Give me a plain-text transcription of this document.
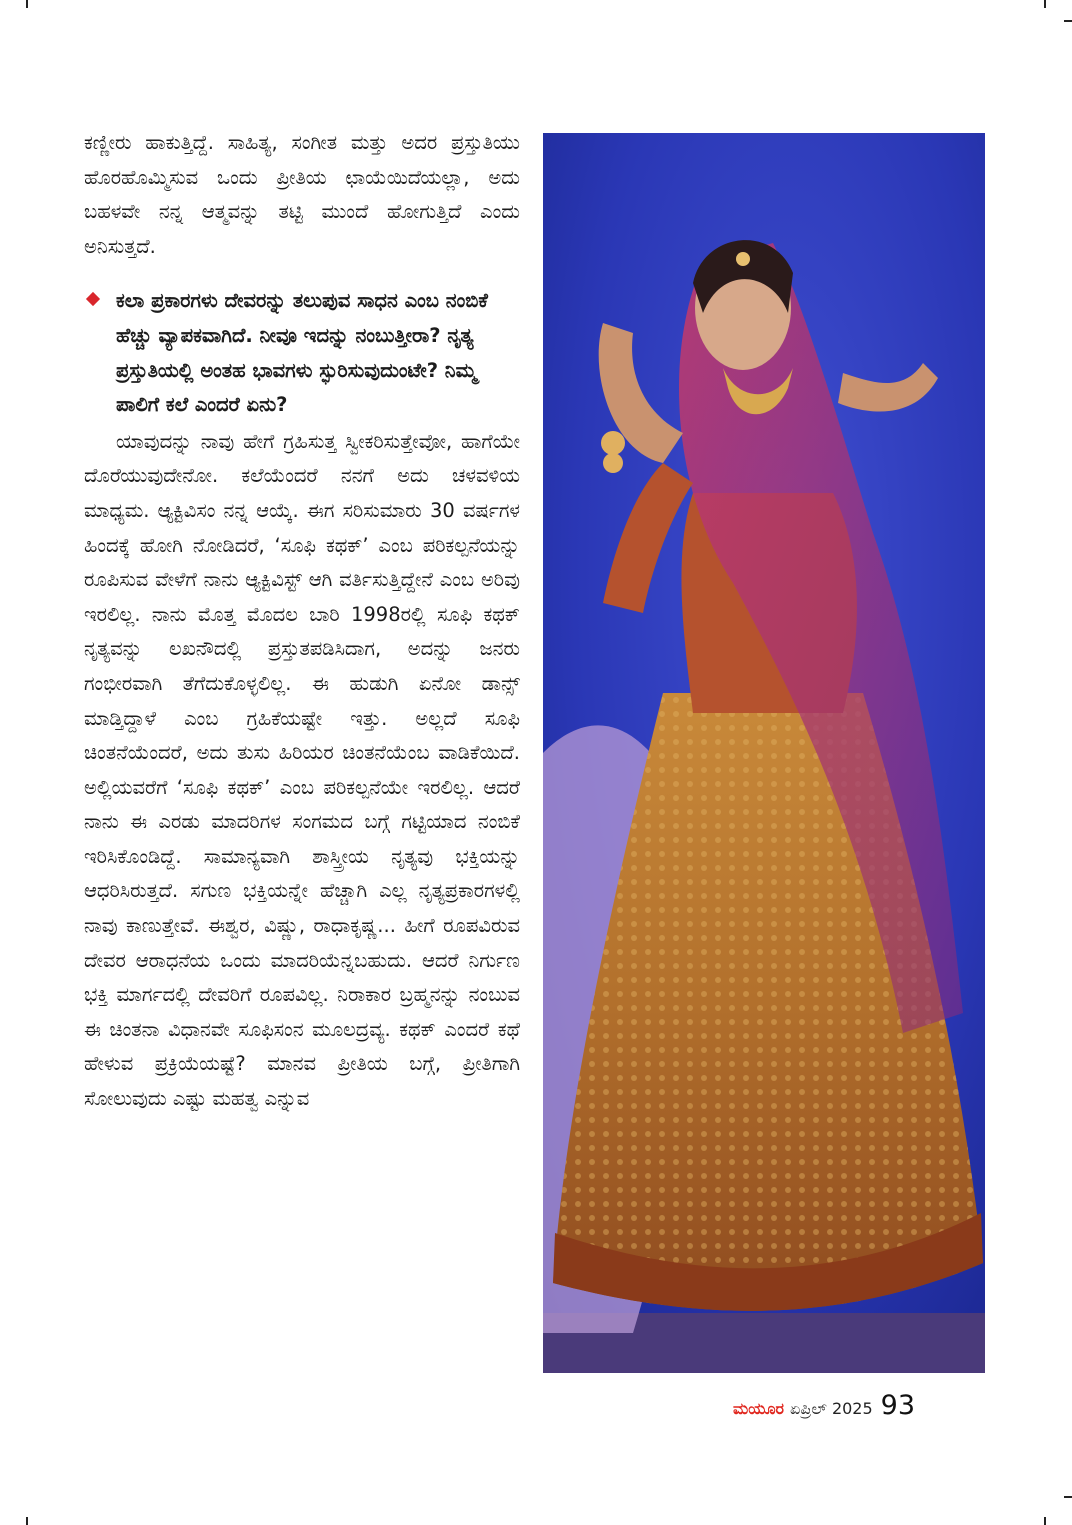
ಕಣ್ಣೀರು ಹಾಕುತ್ತಿದ್ದೆ. ಸಾಹಿತ್ಯ, ಸಂಗೀತ ಮತ್ತು ಅದರ ಪ್ರಸ್ತುತಿಯು ಹೊರಹೊಮ್ಮಿಸುವ ಒಂದು ಪ್ರೀತಿಯ ಛಾಯೆಯಿದೆಯಲ್ಲಾ, ಅದು ಬಹಳವೇ ನನ್ನ ಆತ್ಮವನ್ನು ತಟ್ಟಿ ಮುಂದೆ ಹೋಗುತ್ತಿದೆ ಎಂದು ಅನಿಸುತ್ತದೆ.

ಕಲಾ ಪ್ರಕಾರಗಳು ದೇವರನ್ನು ತಲುಪುವ ಸಾಧನ ಎಂಬ ನಂಬಿಕೆ ಹೆಚ್ಚು ವ್ಯಾಪಕವಾಗಿದೆ. ನೀವೂ ಇದನ್ನು ನಂಬುತ್ತೀರಾ? ನೃತ್ಯ ಪ್ರಸ್ತುತಿಯಲ್ಲಿ ಅಂತಹ ಭಾವಗಳು ಸ್ಫುರಿಸುವುದುಂಟೇ? ನಿಮ್ಮ ಪಾಲಿಗೆ ಕಲೆ ಎಂದರೆ ಏನು?

ಯಾವುದನ್ನು ನಾವು ಹೇಗೆ ಗ್ರಹಿಸುತ್ತ ಸ್ವೀಕರಿಸುತ್ತೇವೋ, ಹಾಗೆಯೇ ದೊರೆಯುವುದೇನೋ. ಕಲೆಯೆಂದರೆ ನನಗೆ ಅದು ಚಳವಳಿಯ ಮಾಧ್ಯಮ. ಆ್ಯಕ್ಟಿವಿಸಂ ನನ್ನ ಆಯ್ಕೆ. ಈಗ ಸರಿಸುಮಾರು 30 ವರ್ಷಗಳ ಹಿಂದಕ್ಕೆ ಹೋಗಿ ನೋಡಿದರೆ, ‘ಸೂಫಿ ಕಥಕ್’ ಎಂಬ ಪರಿಕಲ್ಪನೆಯನ್ನು ರೂಪಿಸುವ ವೇಳೆಗೆ ನಾನು ಆ್ಯಕ್ಟಿವಿಸ್ಟ್ ಆಗಿ ವರ್ತಿಸುತ್ತಿದ್ದೇನೆ ಎಂಬ ಅರಿವು ಇರಲಿಲ್ಲ. ನಾನು ಮೊತ್ತ ಮೊದಲ ಬಾರಿ 1998ರಲ್ಲಿ ಸೂಫಿ ಕಥಕ್ ನೃತ್ಯವನ್ನು ಲಖನೌದಲ್ಲಿ ಪ್ರಸ್ತುತಪಡಿಸಿದಾಗ, ಅದನ್ನು ಜನರು ಗಂಭೀರವಾಗಿ ತೆಗೆದುಕೊಳ್ಳಲಿಲ್ಲ. ಈ ಹುಡುಗಿ ಏನೋ ಡಾನ್ಸ್ ಮಾಡ್ತಿದ್ದಾಳೆ ಎಂಬ ಗ್ರಹಿಕೆಯಷ್ಟೇ ಇತ್ತು. ಅಲ್ಲದೆ ಸೂಫಿ ಚಿಂತನೆಯೆಂದರೆ, ಅದು ತುಸು ಹಿರಿಯರ ಚಿಂತನೆಯೆಂಬ ವಾಡಿಕೆಯಿದೆ. ಅಲ್ಲಿಯವರೆಗೆ ‘ಸೂಫಿ ಕಥಕ್’ ಎಂಬ ಪರಿಕಲ್ಪನೆಯೇ ಇರಲಿಲ್ಲ. ಆದರೆ ನಾನು ಈ ಎರಡು ಮಾದರಿಗಳ ಸಂಗಮದ ಬಗ್ಗೆ ಗಟ್ಟಿಯಾದ ನಂಬಿಕೆ ಇರಿಸಿಕೊಂಡಿದ್ದೆ. ಸಾಮಾನ್ಯವಾಗಿ ಶಾಸ್ತ್ರೀಯ ನೃತ್ಯವು ಭಕ್ತಿಯನ್ನು ಆಧರಿಸಿರುತ್ತದೆ. ಸಗುಣ ಭಕ್ತಿಯನ್ನೇ ಹೆಚ್ಚಾಗಿ ಎಲ್ಲ ನೃತ್ಯಪ್ರಕಾರಗಳಲ್ಲಿ ನಾವು ಕಾಣುತ್ತೇವೆ. ಈಶ್ವರ, ವಿಷ್ಣು, ರಾಧಾಕೃಷ್ಣ... ಹೀಗೆ ರೂಪವಿರುವ ದೇವರ ಆರಾಧನೆಯ ಒಂದು ಮಾದರಿಯೆನ್ನಬಹುದು. ಆದರೆ ನಿರ್ಗುಣ ಭಕ್ತಿ ಮಾರ್ಗದಲ್ಲಿ ದೇವರಿಗೆ ರೂಪವಿಲ್ಲ. ನಿರಾಕಾರ ಬ್ರಹ್ಮನನ್ನು ನಂಬುವ ಈ ಚಿಂತನಾ ವಿಧಾನವೇ ಸೂಫಿಸಂನ ಮೂಲದ್ರವ್ಯ. ಕಥಕ್ ಎಂದರೆ ಕಥೆ ಹೇಳುವ ಪ್ರಕ್ರಿಯೆಯಷ್ಟೆ? ಮಾನವ ಪ್ರೀತಿಯ ಬಗ್ಗೆ, ಪ್ರೀತಿಗಾಗಿ ಸೋಲುವುದು ಎಷ್ಟು ಮಹತ್ವ ಎನ್ನುವ

ಮಯೂರ ಏಪ್ರಿಲ್ 2025 93
